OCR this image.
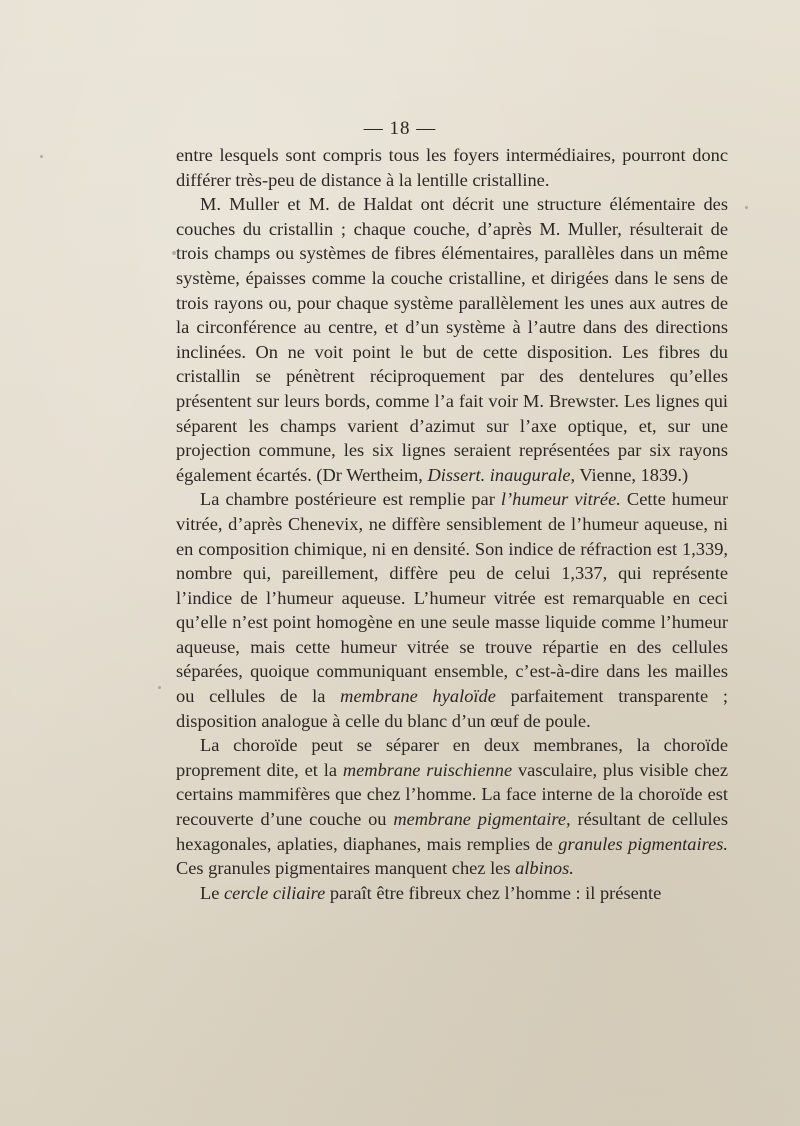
— 18 —

entre lesquels sont compris tous les foyers intermédiaires, pourront donc différer très-peu de distance à la lentille cristalline.

M. Muller et M. de Haldat ont décrit une structure élémentaire des couches du cristallin ; chaque couche, d’après M. Muller, résulterait de trois champs ou systèmes de fibres élémentaires, parallèles dans un même système, épaisses comme la couche cristalline, et dirigées dans le sens de trois rayons ou, pour chaque système parallèlement les unes aux autres de la circonférence au centre, et d’un système à l’autre dans des directions inclinées. On ne voit point le but de cette disposition. Les fibres du cristallin se pénètrent réciproquement par des dentelures qu’elles présentent sur leurs bords, comme l’a fait voir M. Brewster. Les lignes qui séparent les champs varient d’azimut sur l’axe optique, et, sur une projection commune, les six lignes seraient représentées par six rayons également écartés. (Dr Wertheim, Dissert. inaugurale, Vienne, 1839.)

La chambre postérieure est remplie par l’humeur vitrée. Cette humeur vitrée, d’après Chenevix, ne diffère sensiblement de l’humeur aqueuse, ni en composition chimique, ni en densité. Son indice de réfraction est 1,339, nombre qui, pareillement, diffère peu de celui 1,337, qui représente l’indice de l’humeur aqueuse. L’humeur vitrée est remarquable en ceci qu’elle n’est point homogène en une seule masse liquide comme l’humeur aqueuse, mais cette humeur vitrée se trouve répartie en des cellules séparées, quoique communiquant ensemble, c’est-à-dire dans les mailles ou cellules de la membrane hyaloïde parfaitement transparente ; disposition analogue à celle du blanc d’un œuf de poule.

La choroïde peut se séparer en deux membranes, la choroïde proprement dite, et la membrane ruischienne vasculaire, plus visible chez certains mammifères que chez l’homme. La face interne de la choroïde est recouverte d’une couche ou membrane pigmentaire, résultant de cellules hexagonales, aplaties, diaphanes, mais remplies de granules pigmentaires. Ces granules pigmentaires manquent chez les albinos.

Le cercle ciliaire paraît être fibreux chez l’homme : il présente
